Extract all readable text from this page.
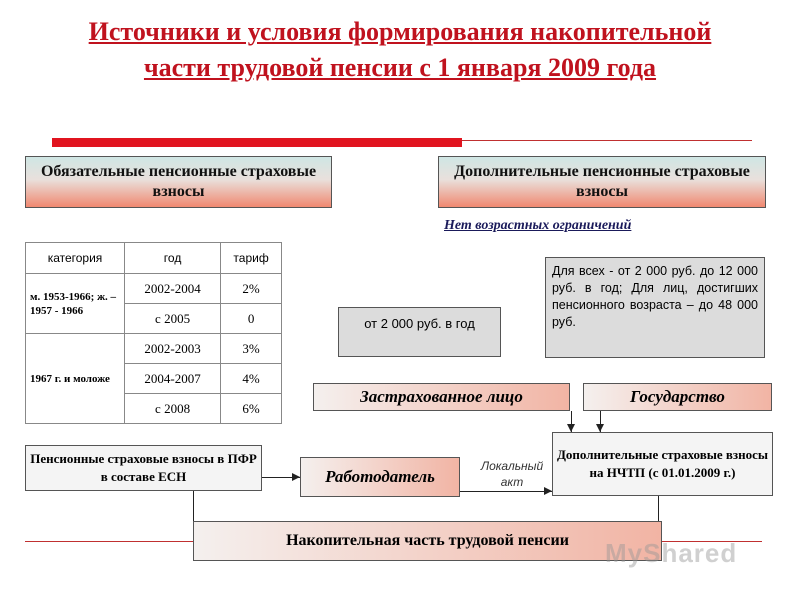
Источники и условия формирования накопительной части трудовой пенсии с 1 января 2009 года
Обязательные пенсионные страховые взносы
Дополнительные пенсионные страховые взносы
Нет возрастных ограничений
категория	год	тариф
м. 1953-1966; ж. – 1957 - 1966	2002-2004	2%
	с 2005	0
1967 г. и моложе	2002-2003	3%
	2004-2007	4%
	с 2008	6%
от 2 000 руб. в год
Для всех - от 2 000 руб. до 12 000 руб. в год; Для лиц, достигших пенсионного возраста – до 48 000 руб.
Застрахованное лицо	Государство
Пенсионные страховые взносы в ПФР в составе ЕСН	Работодатель
Локальный акт
Дополнительные страховые взносы на НЧТП (с 01.01.2009 г.)
Накопительная часть трудовой пенсии MyShared
